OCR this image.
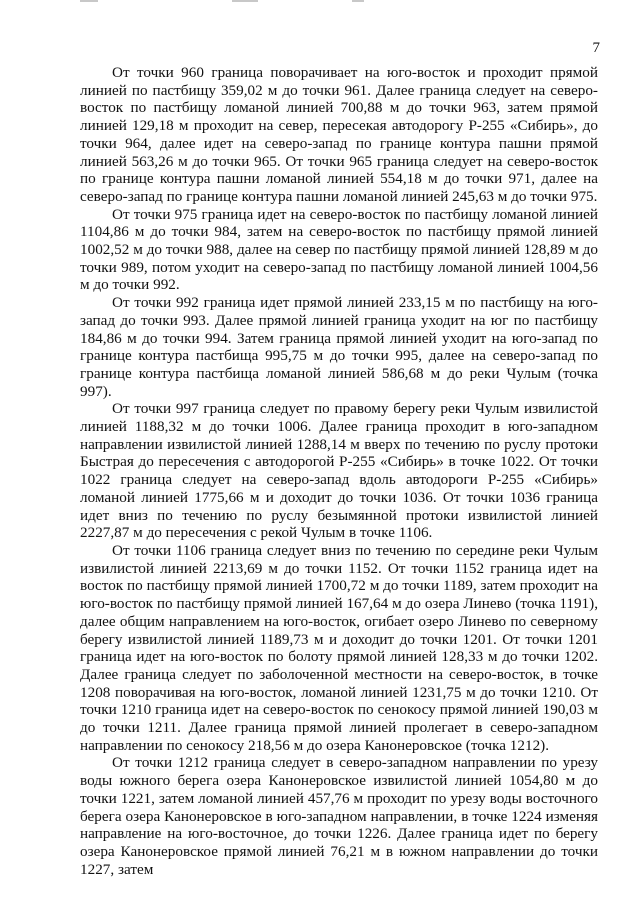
7

От точки 960 граница поворачивает на юго-восток и проходит прямой линией по пастбищу 359,02 м до точки 961. Далее граница следует на северо-восток по пастбищу ломаной линией 700,88 м до точки 963, затем прямой линией 129,18 м проходит на север, пересекая автодорогу Р-255 «Сибирь», до точки 964, далее идет на северо-запад по границе контура пашни прямой линией 563,26 м до точки 965. От точки 965 граница следует на северо-восток по границе контура пашни ломаной линией 554,18 м до точки 971, далее на северо-запад по границе контура пашни ломаной линией 245,63 м до точки 975.

От точки 975 граница идет на северо-восток по пастбищу ломаной линией 1104,86 м до точки 984, затем на северо-восток по пастбищу прямой линией 1002,52 м до точки 988, далее на север по пастбищу прямой линией 128,89 м до точки 989, потом уходит на северо-запад по пастбищу ломаной линией 1004,56 м до точки 992.

От точки 992 граница идет прямой линией 233,15 м по пастбищу на юго-запад до точки 993. Далее прямой линией граница уходит на юг по пастбищу 184,86 м до точки 994. Затем граница прямой линией уходит на юго-запад по границе контура пастбища 995,75 м до точки 995, далее на северо-запад по границе контура пастбища ломаной линией 586,68 м до реки Чулым (точка 997).

От точки 997 граница следует по правому берегу реки Чулым извилистой линией 1188,32 м до точки 1006. Далее граница проходит в юго-западном направлении извилистой линией 1288,14 м вверх по течению по руслу протоки Быстрая до пересечения с автодорогой Р-255 «Сибирь» в точке 1022. От точки 1022 граница следует на северо-запад вдоль автодороги Р-255 «Сибирь» ломаной линией 1775,66 м и доходит до точки 1036. От точки 1036 граница идет вниз по течению по руслу безымянной протоки извилистой линией 2227,87 м до пересечения с рекой Чулым в точке 1106.

От точки 1106 граница следует вниз по течению по середине реки Чулым извилистой линией 2213,69 м до точки 1152. От точки 1152 граница идет на восток по пастбищу прямой линией 1700,72 м до точки 1189, затем проходит на юго-восток по пастбищу прямой линией 167,64 м до озера Линево (точка 1191), далее общим направлением на юго-восток, огибает озеро Линево по северному берегу извилистой линией 1189,73 м и доходит до точки 1201. От точки 1201 граница идет на юго-восток по болоту прямой линией 128,33 м до точки 1202. Далее граница следует по заболоченной местности на северо-восток, в точке 1208 поворачивая на юго-восток, ломаной линией 1231,75 м до точки 1210. От точки 1210 граница идет на северо-восток по сенокосу прямой линией 190,03 м до точки 1211. Далее граница прямой линией пролегает в северо-западном направлении по сенокосу 218,56 м до озера Канонеровское (точка 1212).

От точки 1212 граница следует в северо-западном направлении по урезу воды южного берега озера Канонеровское извилистой линией 1054,80 м до точки 1221, затем ломаной линией 457,76 м проходит по урезу воды восточного берега озера Канонеровское в юго-западном направлении, в точке 1224 изменяя направление на юго-восточное, до точки 1226. Далее граница идет по берегу озера Канонеровское прямой линией 76,21 м в южном направлении до точки 1227, затем
